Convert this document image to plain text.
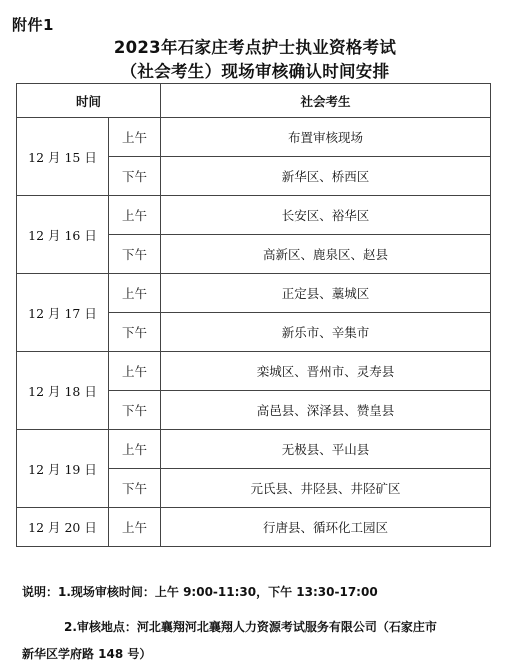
附件1
2023年石家庄考点护士执业资格考试
（社会考生）现场审核确认时间安排
时间		社会考生
12 月 15 日	上午	布置审核现场
	下午	新华区、桥西区
12 月 16 日	上午	长安区、裕华区
	下午	高新区、鹿泉区、赵县
12 月 17 日	上午	正定县、藁城区
	下午	新乐市、辛集市
12 月 18 日	上午	栾城区、晋州市、灵寿县
	下午	高邑县、深泽县、赞皇县
12 月 19 日	上午	无极县、平山县
	下午	元氏县、井陉县、井陉矿区
12 月 20 日	上午	行唐县、循环化工园区
说明：1.现场审核时间：上午 9:00-11:30，下午 13:30-17:00
2.审核地点：河北襄翔河北襄翔人力资源考试服务有限公司（石家庄市
新华区学府路 148 号）
